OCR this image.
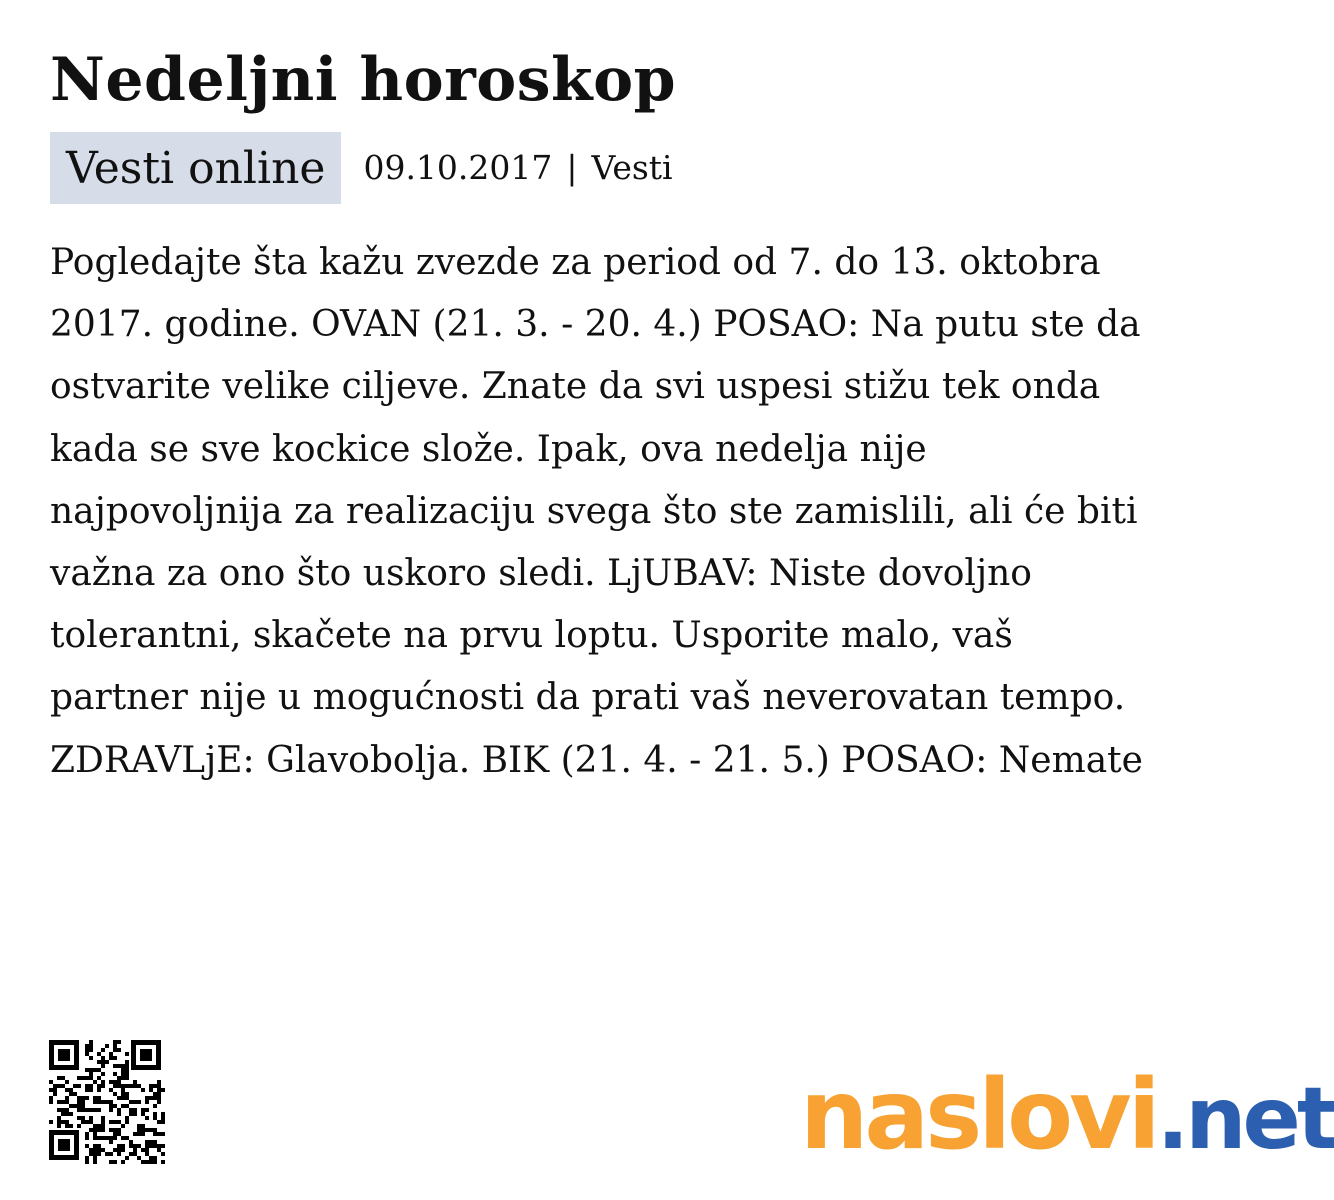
Nedeljni horoskop
Vesti online	09.10.2017 | Vesti

Pogledajte šta kažu zvezde za period od 7. do 13. oktobra 2017. godine. OVAN (21. 3. - 20. 4.) POSAO: Na putu ste da ostvarite velike ciljeve. Znate da svi uspesi stižu tek onda kada se sve kockice slože. Ipak, ova nedelja nije najpovoljnija za realizaciju svega što ste zamislili, ali će biti važna za ono što uskoro sledi. LjUBAV: Niste dovoljno tolerantni, skačete na prvu loptu. Usporite malo, vaš partner nije u mogućnosti da prati vaš neverovatan tempo. ZDRAVLjE: Glavobolja. BIK (21. 4. - 21. 5.) POSAO: Nemate

naslovi.net
